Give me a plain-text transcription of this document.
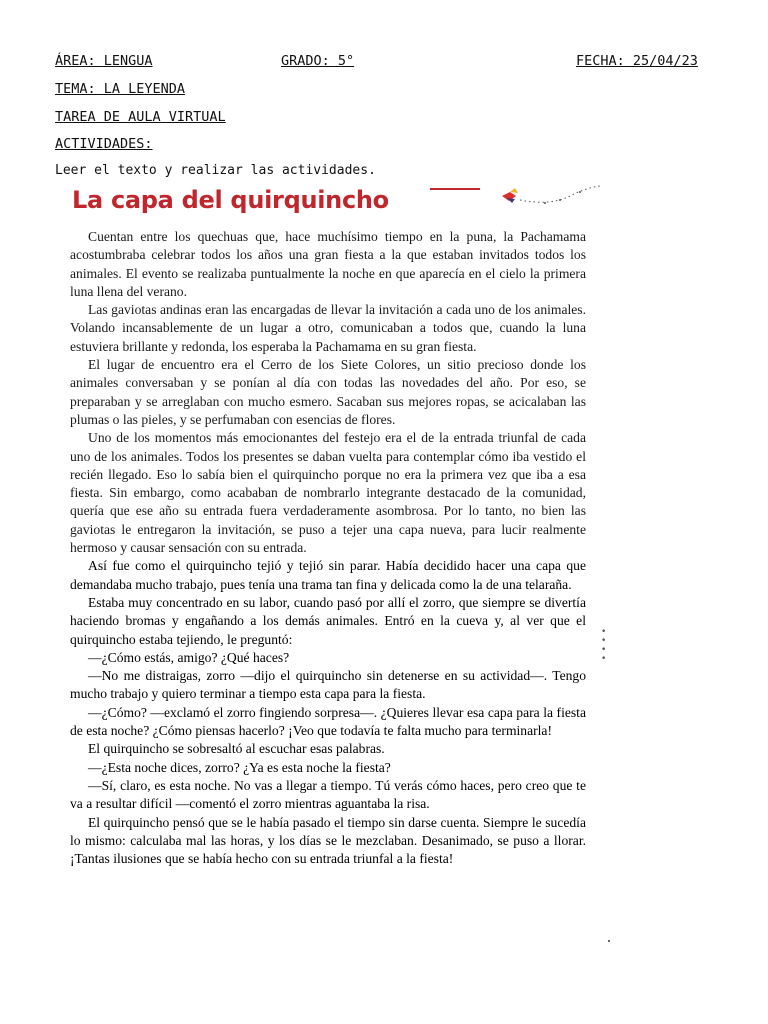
ÁREA: LENGUA	GRADO: 5°	FECHA: 25/04/23
TEMA: LA LEYENDA
TAREA DE AULA VIRTUAL
ACTIVIDADES:
Leer el texto y realizar las actividades.
La capa del quirquincho

Cuentan entre los quechuas que, hace muchísimo tiempo en la puna, la Pachamama acostumbraba celebrar todos los años una gran fiesta a la que estaban invitados todos los animales. El evento se realizaba puntualmente la noche en que aparecía en el cielo la primera luna llena del verano.

Las gaviotas andinas eran las encargadas de llevar la invitación a cada uno de los animales. Volando incansablemente de un lugar a otro, comunicaban a todos que, cuando la luna estuviera brillante y redonda, los esperaba la Pachamama en su gran fiesta.

El lugar de encuentro era el Cerro de los Siete Colores, un sitio precioso donde los animales conversaban y se ponían al día con todas las novedades del año. Por eso, se preparaban y se arreglaban con mucho esmero. Sacaban sus mejores ropas, se acicalaban las plumas o las pieles, y se perfumaban con esencias de flores.

Uno de los momentos más emocionantes del festejo era el de la entrada triunfal de cada uno de los animales. Todos los presentes se daban vuelta para contemplar cómo iba vestido el recién llegado. Eso lo sabía bien el quirquincho porque no era la primera vez que iba a esa fiesta. Sin embargo, como acababan de nombrarlo integrante destacado de la comunidad, quería que ese año su entrada fuera verdaderamente asombrosa. Por lo tanto, no bien las gaviotas le entregaron la invitación, se puso a tejer una capa nueva, para lucir realmente hermoso y causar sensación con su entrada.

Así fue como el quirquincho tejió y tejió sin parar. Había decidido hacer una capa que demandaba mucho trabajo, pues tenía una trama tan fina y delicada como la de una telaraña.

Estaba muy concentrado en su labor, cuando pasó por allí el zorro, que siempre se divertía haciendo bromas y engañando a los demás animales. Entró en la cueva y, al ver que el quirquincho estaba tejiendo, le preguntó:

—¿Cómo estás, amigo? ¿Qué haces?

—No me distraigas, zorro —dijo el quirquincho sin detenerse en su actividad—. Tengo mucho trabajo y quiero terminar a tiempo esta capa para la fiesta.

—¿Cómo? —exclamó el zorro fingiendo sorpresa—. ¿Quieres llevar esa capa para la fiesta de esta noche? ¿Cómo piensas hacerlo? ¡Veo que todavía te falta mucho para terminarla!

El quirquincho se sobresaltó al escuchar esas palabras.

—¿Esta noche dices, zorro? ¿Ya es esta noche la fiesta?

—Sí, claro, es esta noche. No vas a llegar a tiempo. Tú verás cómo haces, pero creo que te va a resultar difícil —comentó el zorro mientras aguantaba la risa.

El quirquincho pensó que se le había pasado el tiempo sin darse cuenta. Siempre le sucedía lo mismo: calculaba mal las horas, y los días se le mezclaban. Desanimado, se puso a llorar. ¡Tantas ilusiones que se había hecho con su entrada triunfal a la fiesta!

•
•
•
•
